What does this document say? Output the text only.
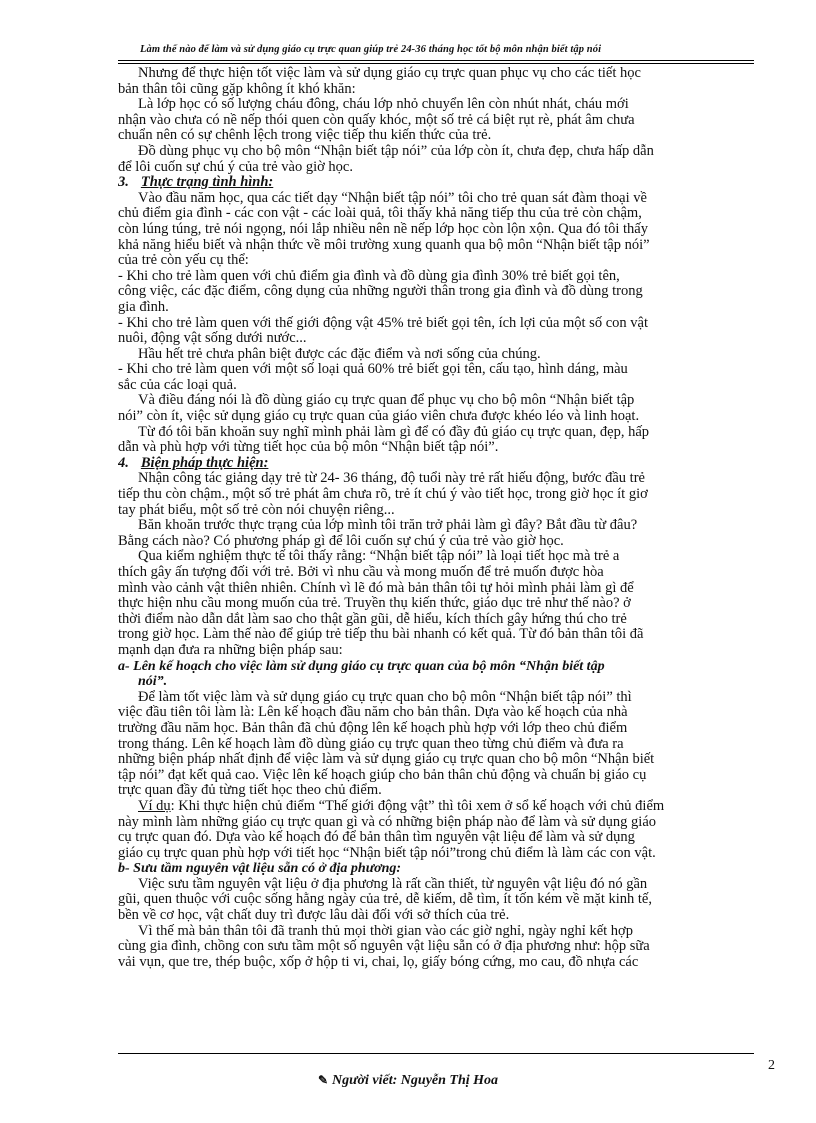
Làm thế nào để làm và sử dụng giáo cụ trực quan giúp trẻ 24-36 tháng học tốt bộ môn nhận biết tập nói
Nhưng để thực hiện tốt việc làm và sử dụng giáo cụ trực quan phục vụ cho các tiết học
bản thân tôi cũng gặp không ít khó khăn:
Là lớp học có số lượng cháu đông, cháu lớp nhỏ chuyển lên còn nhút nhát, cháu mới
nhận vào chưa có nề nếp thói quen còn quấy khóc, một số trẻ cá biệt rụt rè, phát âm chưa
chuẩn nên có sự chênh lệch trong việc tiếp thu kiến thức của trẻ.
Đồ dùng phục vụ cho bộ môn “Nhận biết tập nói” của lớp còn ít, chưa đẹp, chưa hấp dẫn
để lôi cuốn sự chú ý của trẻ vào giờ học.
3. Thực trạng tình hình:
Vào đầu năm học, qua các tiết dạy “Nhận biết tập nói” tôi cho trẻ quan sát đàm thoại về
chủ điểm gia đình - các con vật - các loài quả, tôi thấy khả năng tiếp thu của trẻ còn chậm,
còn lúng túng, trẻ nói ngọng, nói lắp nhiều nên nề nếp lớp học còn lộn xộn. Qua đó tôi thấy
khả năng hiểu biết và nhận thức về môi trường xung quanh qua bộ môn “Nhận biết tập nói”
của trẻ còn yếu cụ thể:
- Khi cho trẻ làm quen với chủ điểm gia đình và đồ dùng gia đình 30% trẻ biết gọi tên,
công việc, các đặc điểm, công dụng của những người thân trong gia đình và đồ dùng trong
gia đình.
- Khi cho trẻ làm quen với thế giới động vật 45% trẻ biết gọi tên, ích lợi của một số con vật
nuôi, động vật sống dưới nước...
Hầu hết trẻ chưa phân biệt được các đặc điểm và nơi sống của chúng.
- Khi cho trẻ làm quen với một số loại quả 60% trẻ biết gọi tên, cấu tạo, hình dáng, màu
sắc của các loại quả.
Và điều đáng nói là đồ dùng giáo cụ trực quan để phục vụ cho bộ môn “Nhận biết tập
nói” còn ít, việc sử dụng giáo cụ trực quan của giáo viên chưa được khéo léo và linh hoạt.
Từ đó tôi băn khoăn suy nghĩ mình phải làm gì để có đầy đủ giáo cụ trực quan, đẹp, hấp
dẫn và phù hợp với từng tiết học của bộ môn “Nhận biết tập nói”.
4. Biện pháp thực hiện:
Nhận công tác giảng dạy trẻ từ 24- 36 tháng, độ tuổi này trẻ rất hiếu động, bước đầu trẻ
tiếp thu còn chậm., một số trẻ phát âm chưa rõ, trẻ ít chú ý vào tiết học, trong giờ học ít giơ
tay phát biểu, một số trẻ còn nói chuyện riêng...
Băn khoăn trước thực trạng của lớp mình tôi trăn trở phải làm gì đây? Bắt đầu từ đâu?
Bằng cách nào? Có phương pháp gì để lôi cuốn sự chú ý của trẻ vào giờ học.
Qua kiểm nghiệm thực tế tôi thấy rằng: “Nhận biết tập nói” là loại tiết học mà trẻ a
thích gây ấn tượng đối với trẻ. Bởi vì nhu cầu và mong muốn để trẻ muốn được hòa
mình vào cảnh vật thiên nhiên. Chính vì lẽ đó mà bản thân tôi tự hỏi mình phải làm gì để
thực hiện nhu cầu mong muốn của trẻ. Truyền thụ kiến thức, giáo dục trẻ như thế nào? ở
thời điểm nào dẫn dắt làm sao cho thật gần gũi, dễ hiểu, kích thích gây hứng thú cho trẻ
trong giờ học. Làm thế nào để giúp trẻ tiếp thu bài nhanh có kết quả. Từ đó bản thân tôi đã
mạnh dạn đưa ra những biện pháp sau:
a- Lên kế hoạch cho việc làm sử dụng giáo cụ trực quan của bộ môn “Nhận biết tập
nói”.
Để làm tốt việc làm và sử dụng giáo cụ trực quan cho bộ môn “Nhận biết tập nói” thì
việc đầu tiên tôi làm là: Lên kế hoạch đầu năm cho bản thân. Dựa vào kế hoạch của nhà
trường đầu năm học. Bản thân đã chủ động lên kế hoạch phù hợp với lớp theo chủ điểm
trong tháng. Lên kế hoạch làm đồ dùng giáo cụ trực quan theo từng chủ điểm và đưa ra
những biện pháp nhất định để việc làm và sử dụng giáo cụ trực quan cho bộ môn “Nhận biết
tập nói” đạt kết quả cao. Việc lên kế hoạch giúp cho bản thân chủ động và chuẩn bị giáo cụ
trực quan đầy đủ từng tiết học theo chủ điểm.
Ví dụ: Khi thực hiện chủ điểm “Thế giới động vật” thì tôi xem ở sổ kế hoạch với chủ điểm
này mình làm những giáo cụ trực quan gì và có những biện pháp nào để làm và sử dụng giáo
cụ trực quan đó. Dựa vào kế hoạch đó để bản thân tìm nguyên vật liệu để làm và sử dụng
giáo cụ trực quan phù hợp với tiết học “Nhận biết tập nói”trong chủ điểm là làm các con vật.
b- Sưu tầm nguyên vật liệu sẵn có ở địa phương:
Việc sưu tầm nguyên vật liệu ở địa phương là rất cần thiết, từ nguyên vật liệu đó nó gần
gũi, quen thuộc với cuộc sống hằng ngày của trẻ, dễ kiếm, dễ tìm, ít tốn kém về mặt kinh tế,
bền về cơ học, vật chất duy trì được lâu dài đối với sở thích của trẻ.
Vì thế mà bản thân tôi đã tranh thủ mọi thời gian vào các giờ nghỉ, ngày nghỉ kết hợp
cùng gia đình, chồng con sưu tầm một số nguyên vật liệu sẵn có ở địa phương như: hộp sữa
vải vụn, que tre, thép buộc, xốp ở hộp ti vi, chai, lọ, giấy bóng cứng, mo cau, đồ nhựa các
2
✎ Người viết: Nguyễn Thị Hoa
